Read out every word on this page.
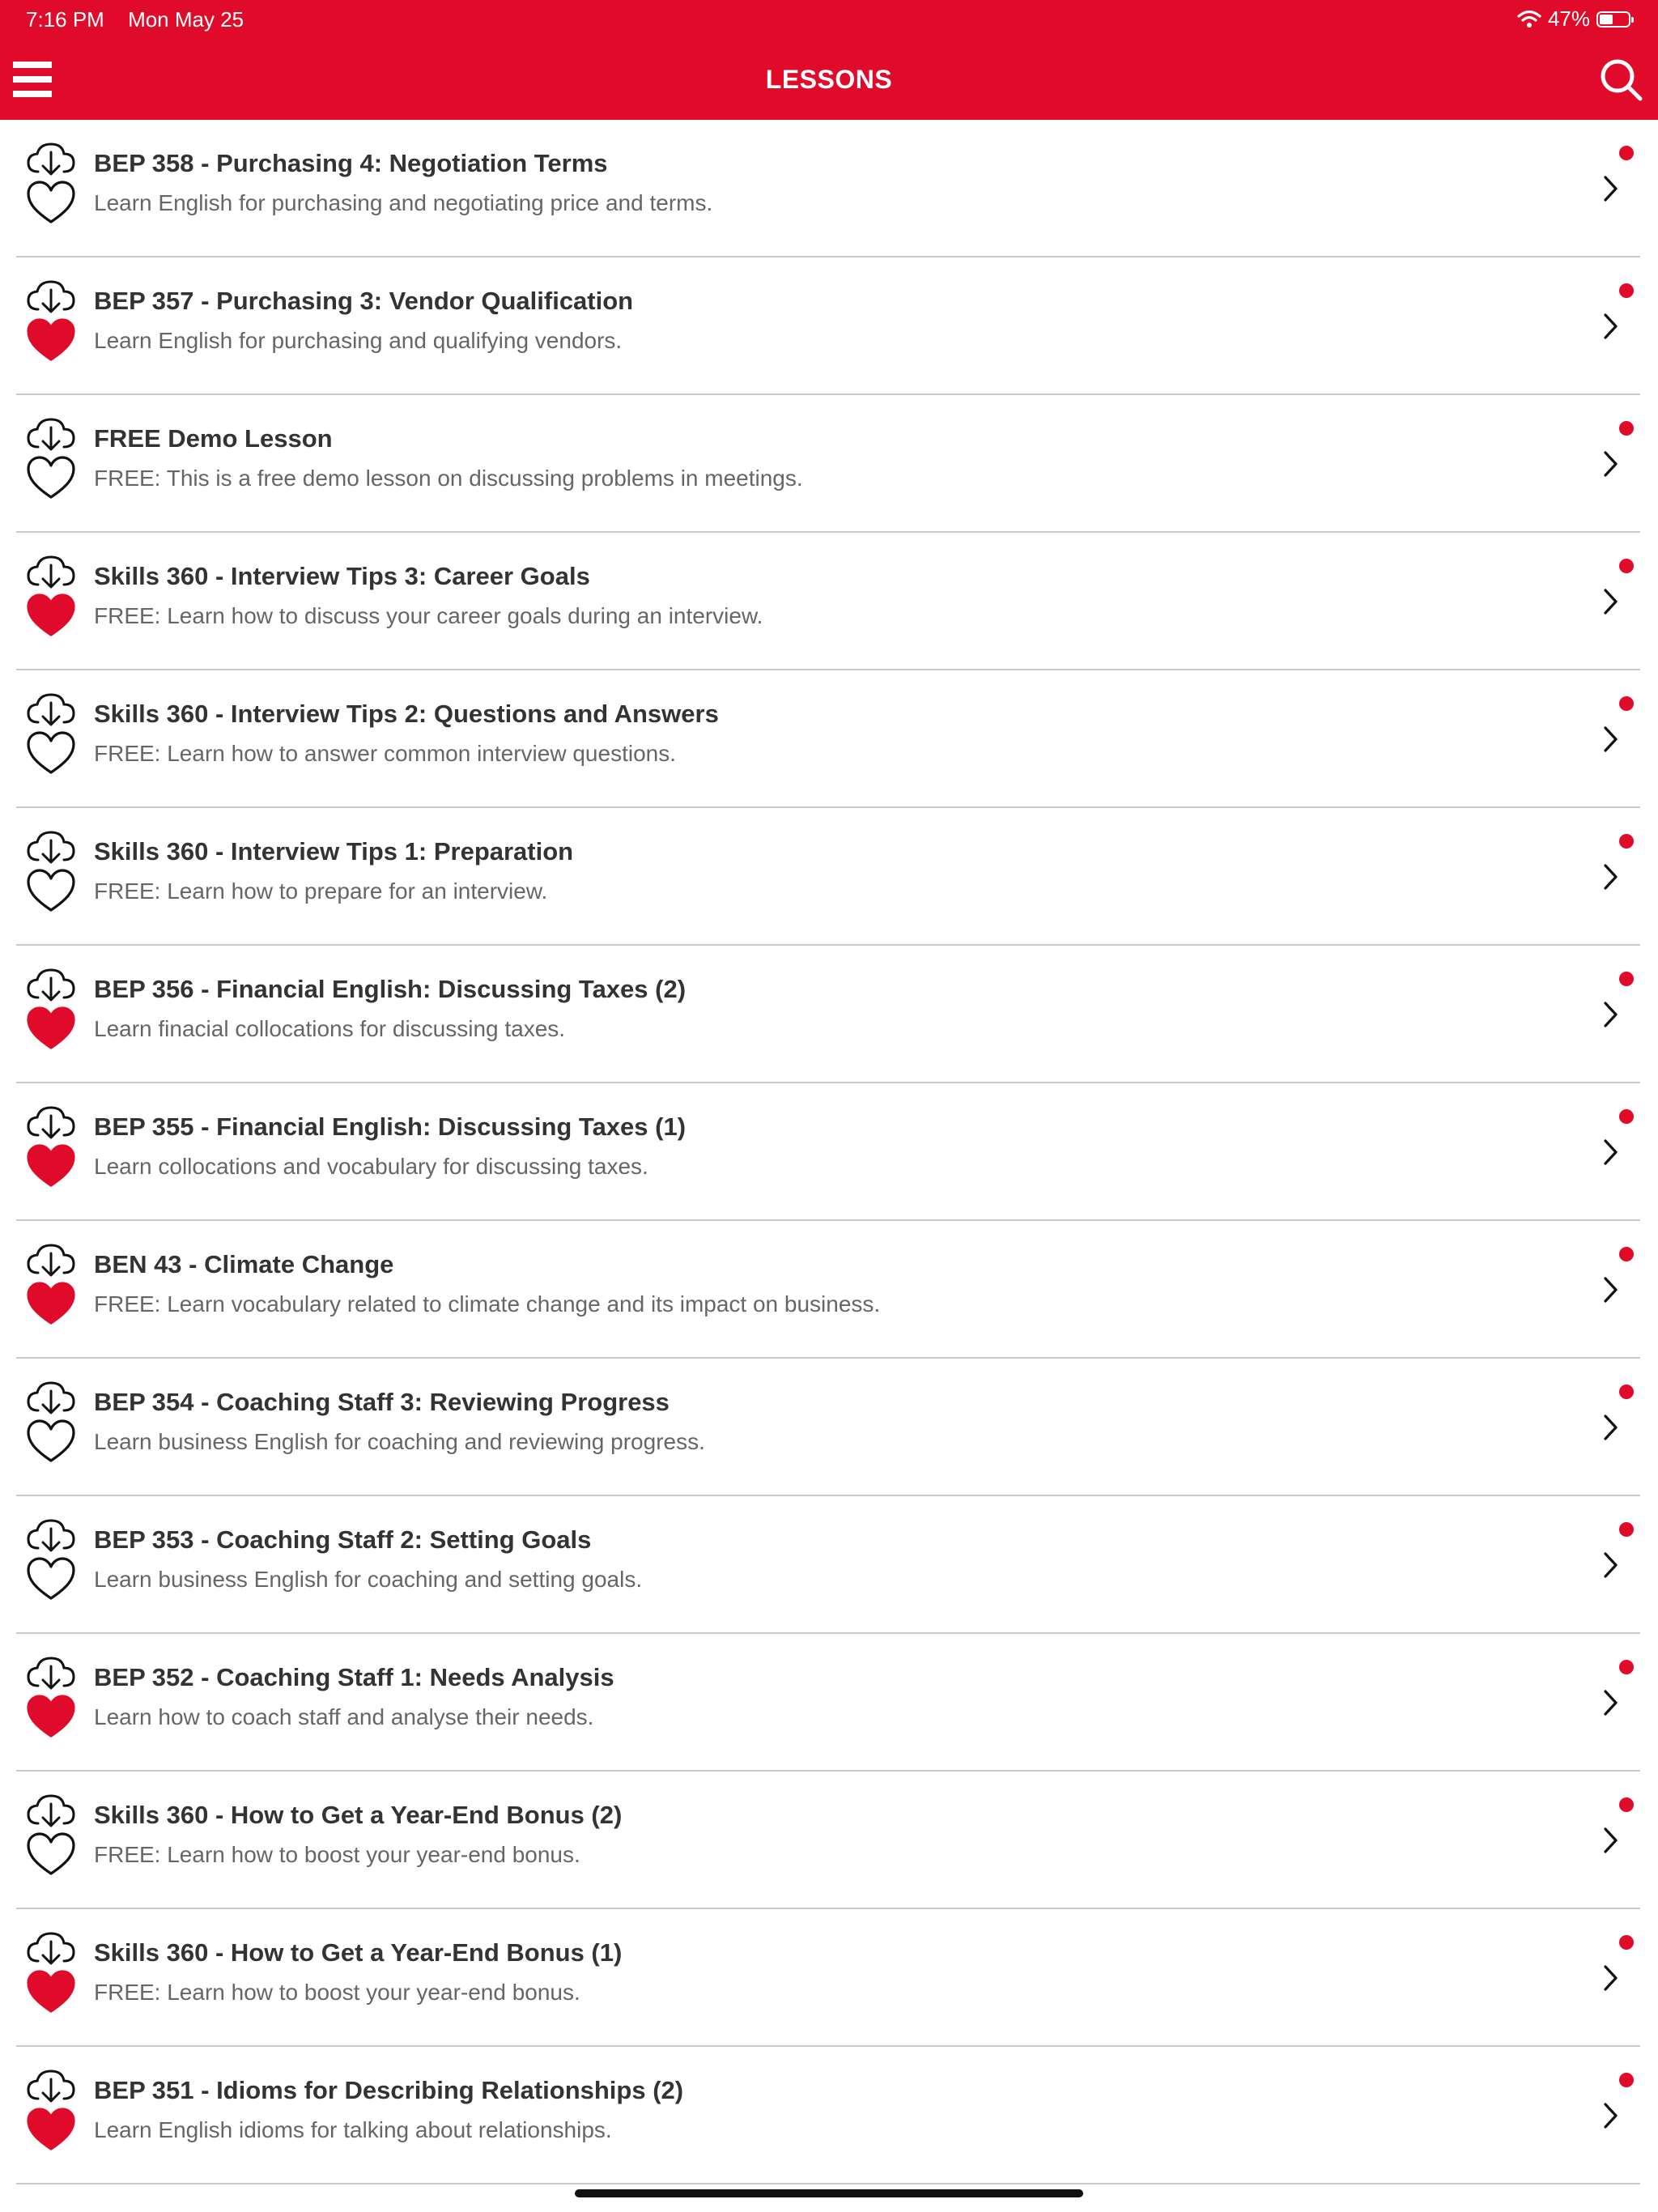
7:16 PM Mon May 25	47%
LESSONS
BEP 358 - Purchasing 4: Negotiation Terms
Learn English for purchasing and negotiating price and terms.
BEP 357 - Purchasing 3: Vendor Qualification
Learn English for purchasing and qualifying vendors.
FREE Demo Lesson
FREE: This is a free demo lesson on discussing problems in meetings.
Skills 360 - Interview Tips 3: Career Goals
FREE: Learn how to discuss your career goals during an interview.
Skills 360 - Interview Tips 2: Questions and Answers
FREE: Learn how to answer common interview questions.
Skills 360 - Interview Tips 1: Preparation
FREE: Learn how to prepare for an interview.
BEP 356 - Financial English: Discussing Taxes (2)
Learn finacial collocations for discussing taxes.
BEP 355 - Financial English: Discussing Taxes (1)
Learn collocations and vocabulary for discussing taxes.
BEN 43 - Climate Change
FREE: Learn vocabulary related to climate change and its impact on business.
BEP 354 - Coaching Staff 3: Reviewing Progress
Learn business English for coaching and reviewing progress.
BEP 353 - Coaching Staff 2: Setting Goals
Learn business English for coaching and setting goals.
BEP 352 - Coaching Staff 1: Needs Analysis
Learn how to coach staff and analyse their needs.
Skills 360 - How to Get a Year-End Bonus (2)
FREE: Learn how to boost your year-end bonus.
Skills 360 - How to Get a Year-End Bonus (1)
FREE: Learn how to boost your year-end bonus.
BEP 351 - Idioms for Describing Relationships (2)
Learn English idioms for talking about relationships.
